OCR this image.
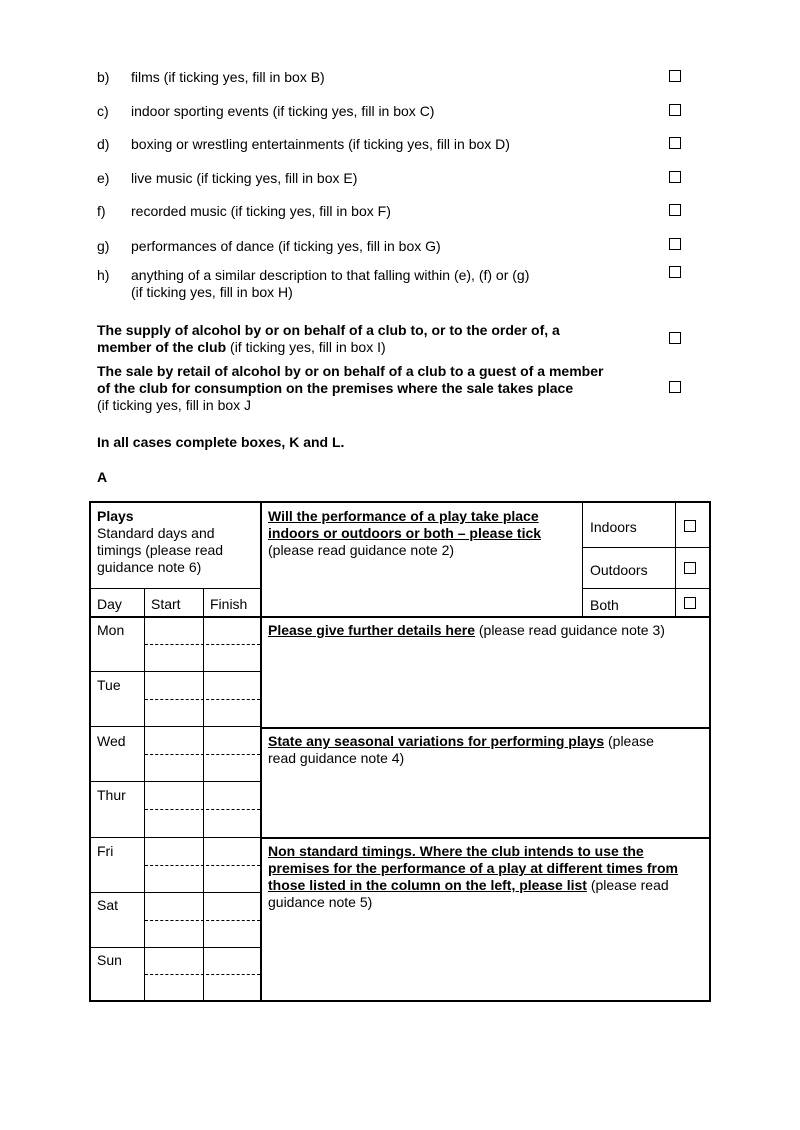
b) films (if ticking yes, fill in box B)
c) indoor sporting events (if ticking yes, fill in box C)
d) boxing or wrestling entertainments (if ticking yes, fill in box D)
e) live music (if ticking yes, fill in box E)
f) recorded music (if ticking yes, fill in box F)
g) performances of dance (if ticking yes, fill in box G)
h) anything of a similar description to that falling within (e), (f) or (g)
(if ticking yes, fill in box H)
The supply of alcohol by or on behalf of a club to, or to the order of, a
member of the club (if ticking yes, fill in box I)
The sale by retail of alcohol by or on behalf of a club to a guest of a member
of the club for consumption on the premises where the sale takes place
(if ticking yes, fill in box J
In all cases complete boxes, K and L.
A
Plays
Standard days and
timings (please read
guidance note 6)
Day Start Finish
Mon
Tue
Wed
Thur
Fri
Sat
Sun
Will the performance of a play take place
indoors or outdoors or both – please tick
(please read guidance note 2)
Indoors
Outdoors
Both
Please give further details here (please read guidance note 3)
State any seasonal variations for performing plays (please
read guidance note 4)
Non standard timings. Where the club intends to use the
premises for the performance of a play at different times from
those listed in the column on the left, please list (please read
guidance note 5)
